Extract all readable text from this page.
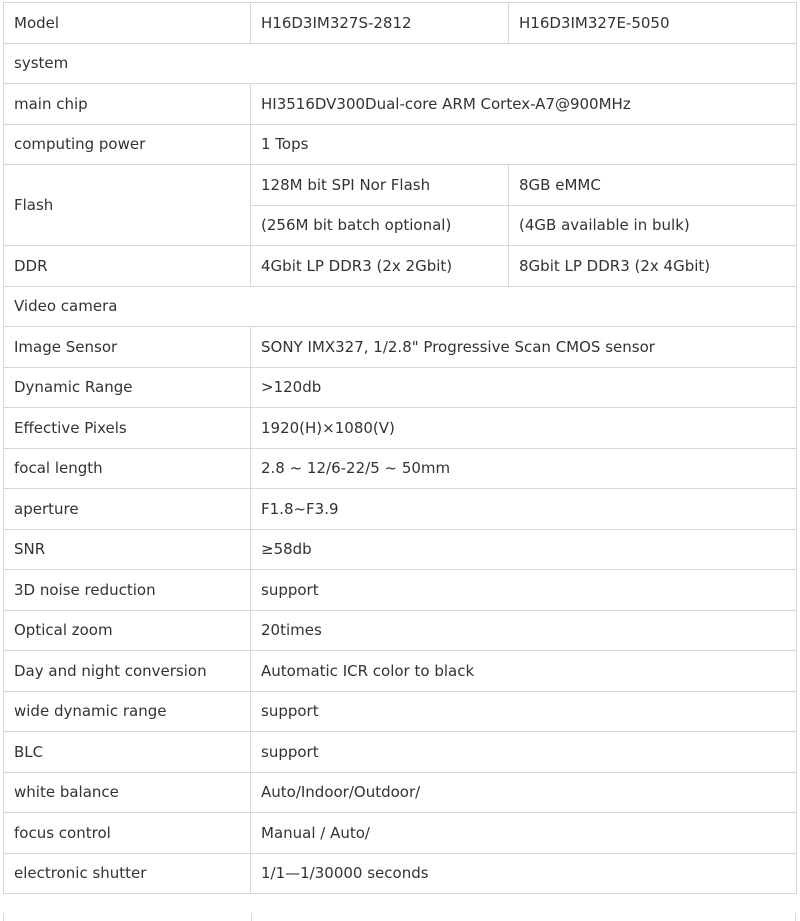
Model	H16D3IM327S-2812	H16D3IM327E-5050
system		
main chip	HI3516DV300Dual-core ARM Cortex-A7@900MHz	
computing power	1 Tops	
Flash	128M bit SPI Nor Flash	8GB eMMC
	(256M bit batch optional)	(4GB available in bulk)
DDR	4Gbit LP DDR3 (2x 2Gbit)	8Gbit LP DDR3 (2x 4Gbit)
Video camera		
Image Sensor	SONY IMX327, 1/2.8" Progressive Scan CMOS sensor	
Dynamic Range	>120db	
Effective Pixels	1920(H)×1080(V)	
focal length	2.8 ~ 12/6-22/5 ~ 50mm	
aperture	F1.8~F3.9	
SNR	≥58db	
3D noise reduction	support	
Optical zoom	20times	
Day and night conversion	Automatic ICR color to black	
wide dynamic range	support	
BLC	support	
white balance	Auto/Indoor/Outdoor/	
focus control	Manual / Auto/	
electronic shutter	1/1—1/30000 seconds	
